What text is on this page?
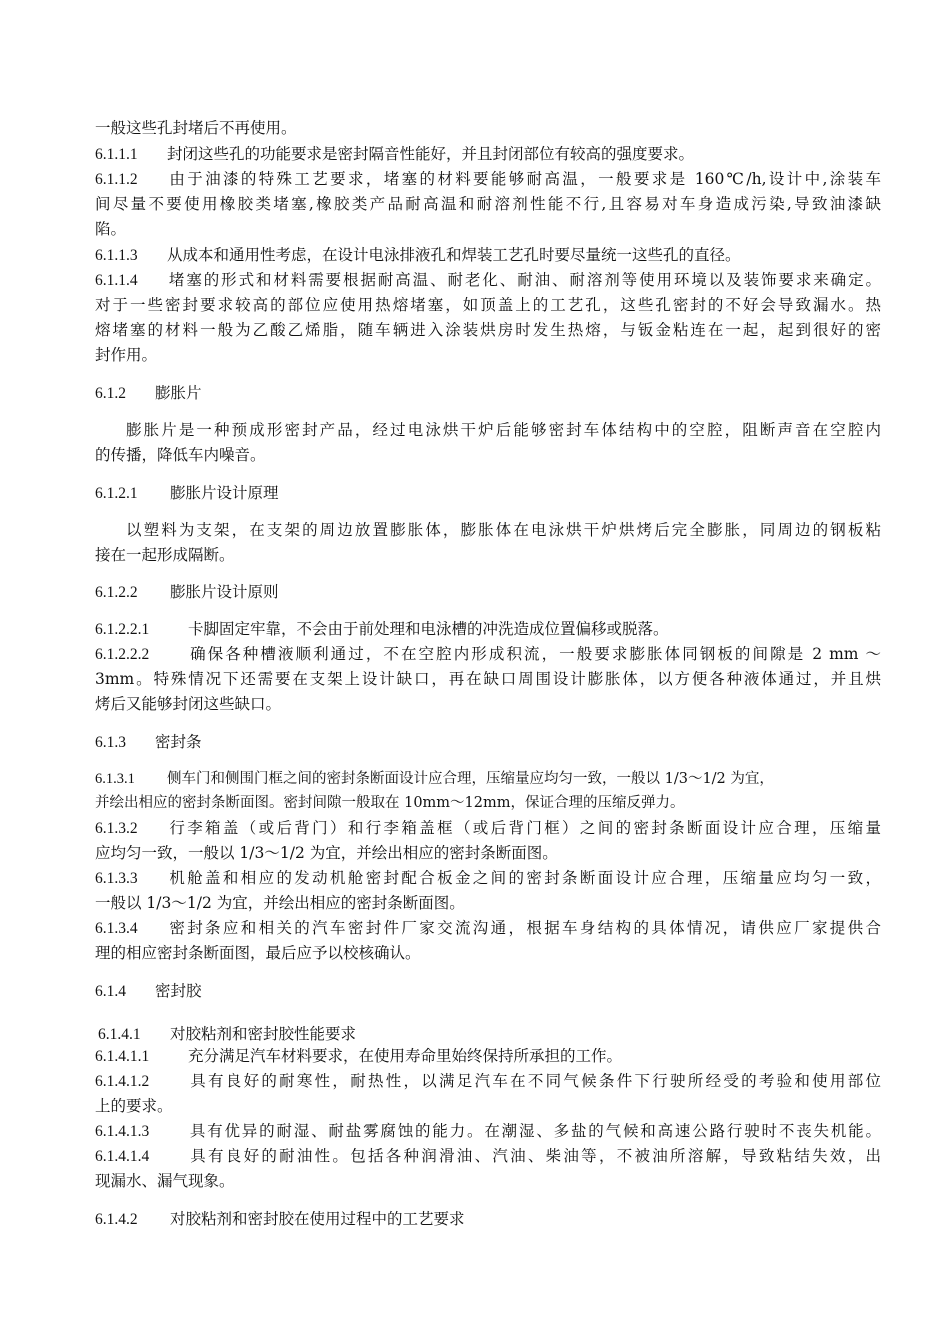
一般这些孔封堵后不再使用。
6.1.1.1 封闭这些孔的功能要求是密封隔音性能好，并且封闭部位有较高的强度要求。
6.1.1.2 由于油漆的特殊工艺要求，堵塞的材料要能够耐高温，一般要求是 160℃/h,设计中,涂装车
间尽量不要使用橡胶类堵塞,橡胶类产品耐高温和耐溶剂性能不行,且容易对车身造成污染,导致油漆缺
陷。
6.1.1.3 从成本和通用性考虑，在设计电泳排液孔和焊装工艺孔时要尽量统一这些孔的直径。
6.1.1.4 堵塞的形式和材料需要根据耐高温、耐老化、耐油、耐溶剂等使用环境以及装饰要求来确定。
对于一些密封要求较高的部位应使用热熔堵塞，如顶盖上的工艺孔，这些孔密封的不好会导致漏水。热
熔堵塞的材料一般为乙酸乙烯脂，随车辆进入涂装烘房时发生热熔，与钣金粘连在一起，起到很好的密
封作用。
6.1.2 膨胀片
膨胀片是一种预成形密封产品，经过电泳烘干炉后能够密封车体结构中的空腔，阻断声音在空腔内
的传播，降低车内噪音。
6.1.2.1 膨胀片设计原理
以塑料为支架，在支架的周边放置膨胀体，膨胀体在电泳烘干炉烘烤后完全膨胀，同周边的钢板粘
接在一起形成隔断。
6.1.2.2 膨胀片设计原则
6.1.2.2.1	卡脚固定牢靠，不会由于前处理和电泳槽的冲洗造成位置偏移或脱落。
6.1.2.2.2	确保各种槽液顺利通过，不在空腔内形成积流，一般要求膨胀体同钢板的间隙是 2 mm ～
3mm。特殊情况下还需要在支架上设计缺口，再在缺口周围设计膨胀体，以方便各种液体通过，并且烘
烤后又能够封闭这些缺口。
6.1.3 密封条
6.1.3.1 侧车门和侧围门框之间的密封条断面设计应合理，压缩量应均匀一致，一般以 1/3～1/2 为宜，
并绘出相应的密封条断面图。密封间隙一般取在 10mm～12mm，保证合理的压缩反弹力。
6.1.3.2 行李箱盖（或后背门）和行李箱盖框（或后背门框）之间的密封条断面设计应合理，压缩量
应均匀一致，一般以 1/3～1/2 为宜，并绘出相应的密封条断面图。
6.1.3.3 机舱盖和相应的发动机舱密封配合板金之间的密封条断面设计应合理，压缩量应均匀一致，
一般以 1/3～1/2 为宜，并绘出相应的密封条断面图。
6.1.3.4 密封条应和相关的汽车密封件厂家交流沟通，根据车身结构的具体情况，请供应厂家提供合
理的相应密封条断面图，最后应予以校核确认。
6.1.4 密封胶
6.1.4.1 对胶粘剂和密封胶性能要求
6.1.4.1.1	充分满足汽车材料要求，在使用寿命里始终保持所承担的工作。
6.1.4.1.2	具有良好的耐寒性，耐热性，以满足汽车在不同气候条件下行驶所经受的考验和使用部位
上的要求。
6.1.4.1.3	具有优异的耐湿、耐盐雾腐蚀的能力。在潮湿、多盐的气候和高速公路行驶时不丧失机能。
6.1.4.1.4	具有良好的耐油性。包括各种润滑油、汽油、柴油等，不被油所溶解，导致粘结失效，出
现漏水、漏气现象。
6.1.4.2 对胶粘剂和密封胶在使用过程中的工艺要求
